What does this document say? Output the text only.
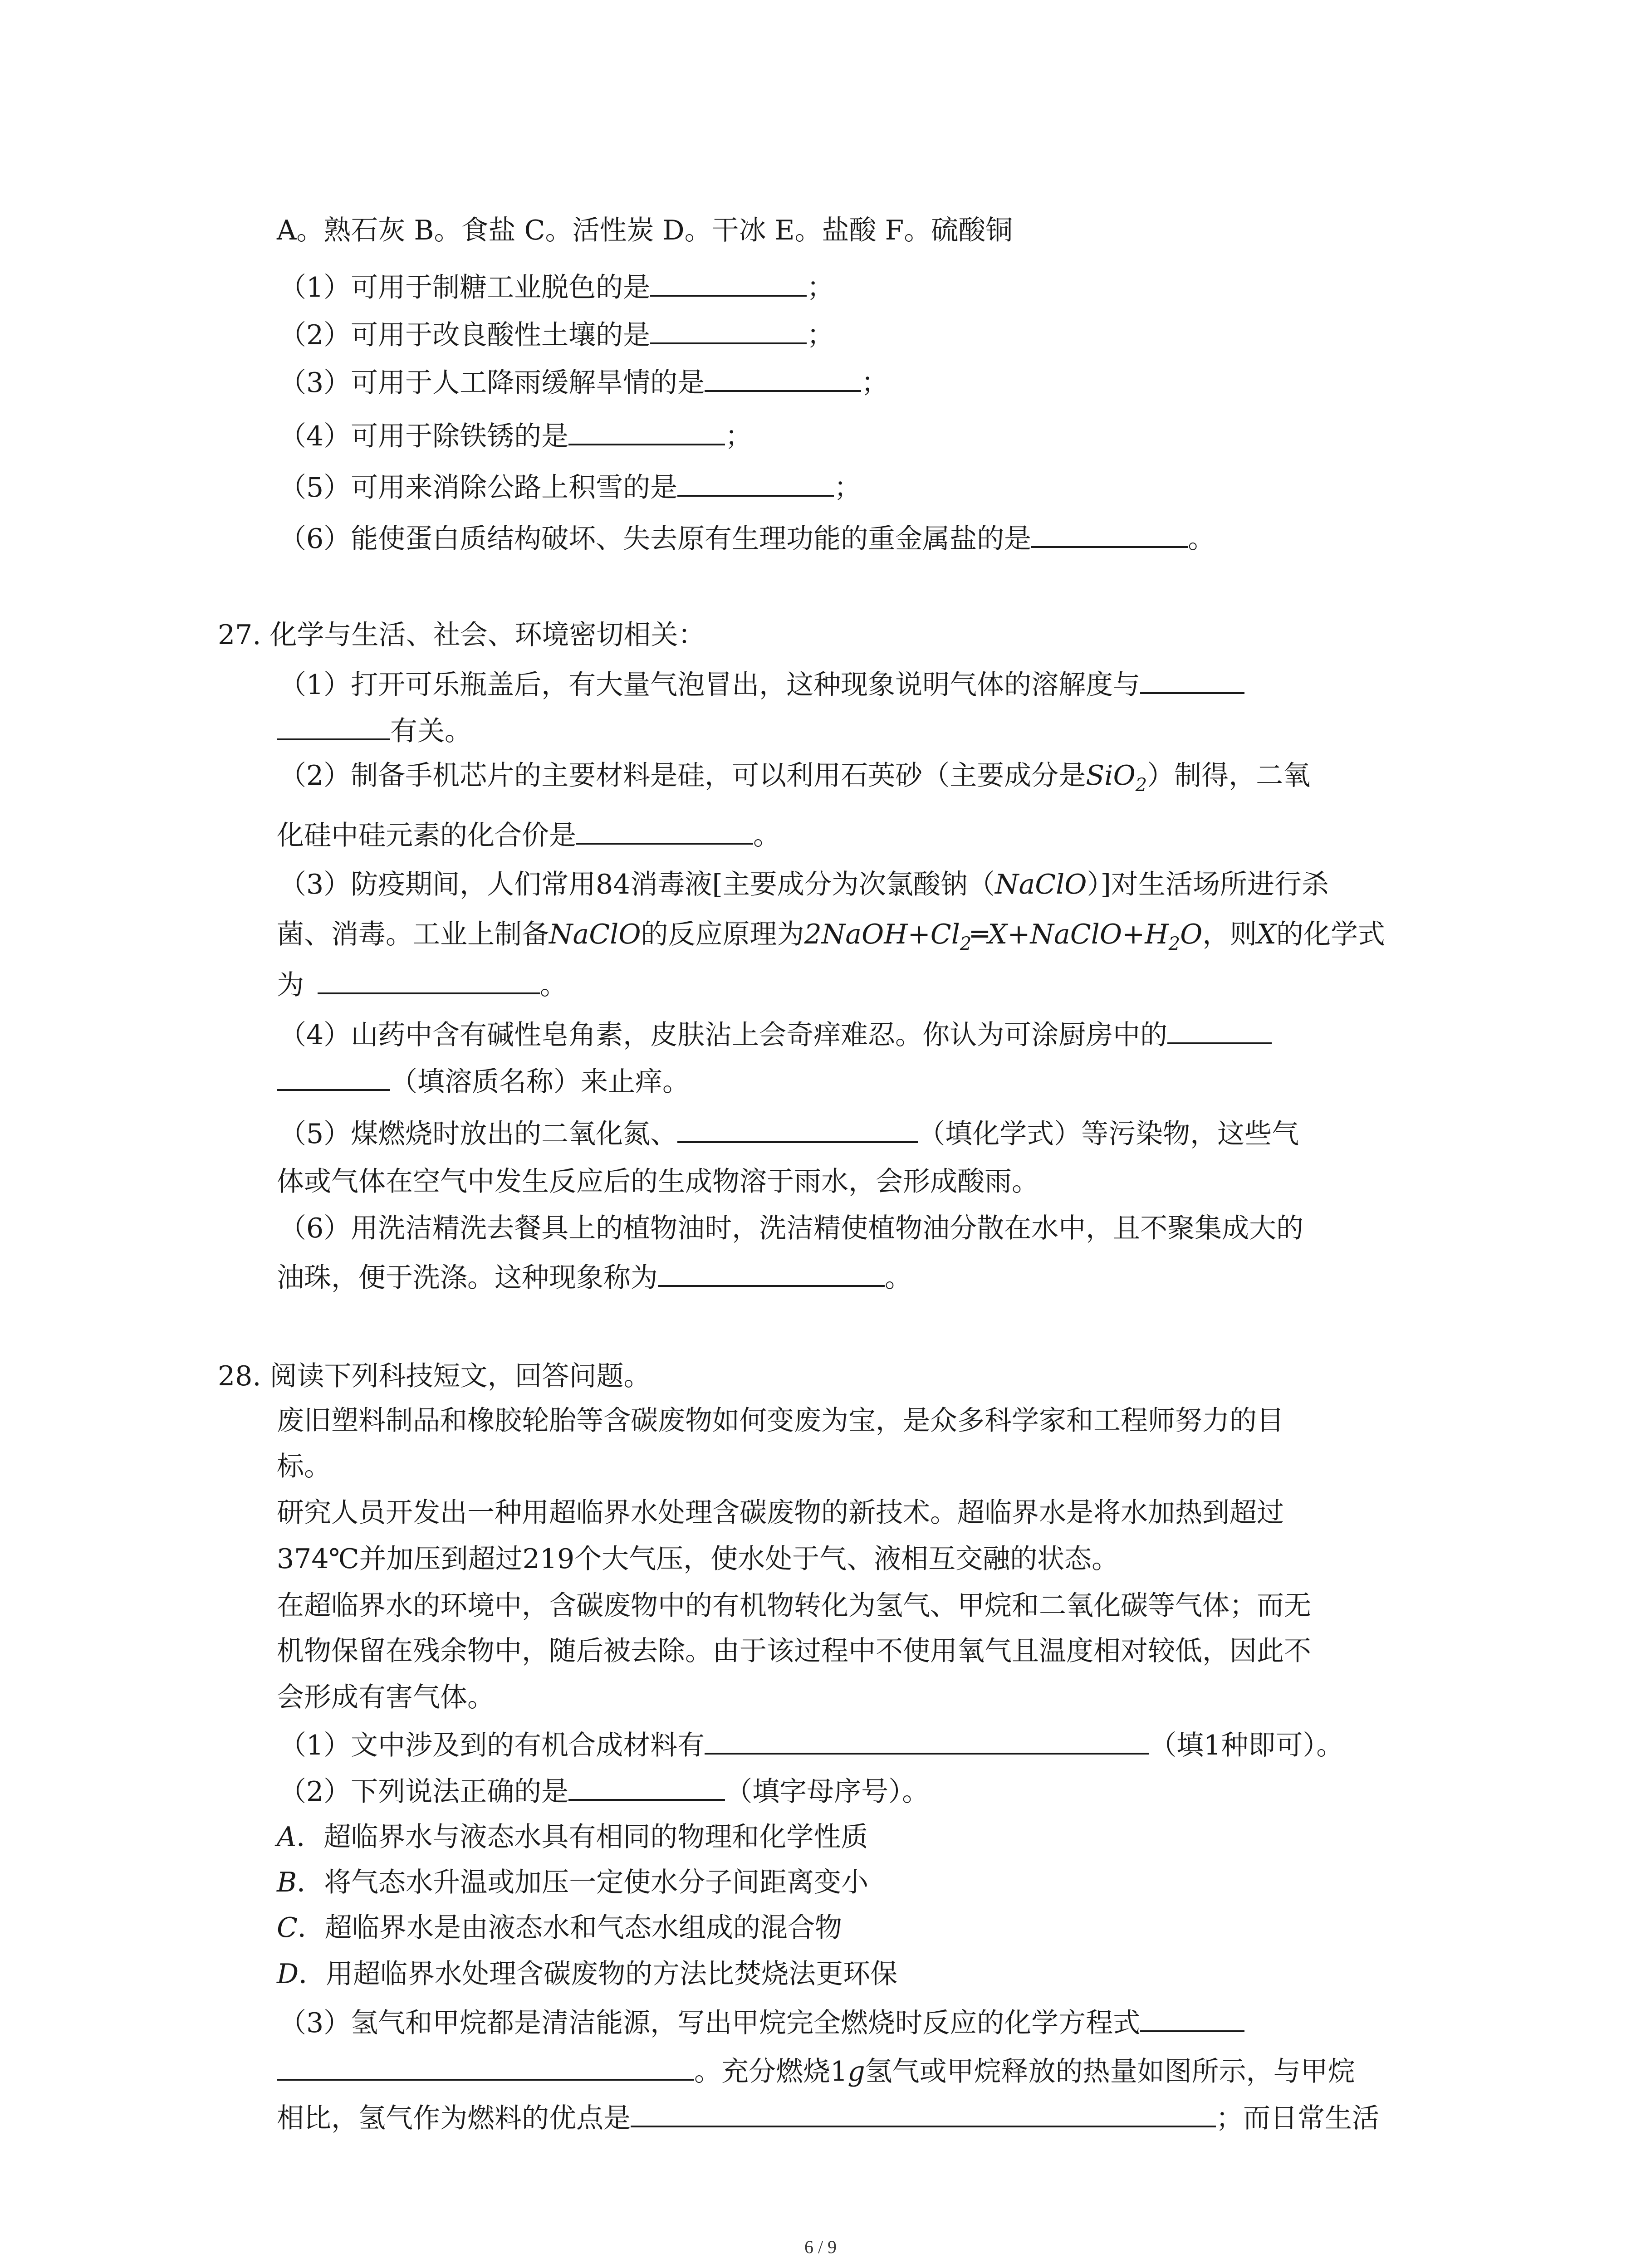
A。熟石灰 B。食盐 C。活性炭 D。干冰 E。盐酸 F。硫酸铜
（1）可用于制糖工业脱色的是	；
（2）可用于改良酸性土壤的是	；
（3）可用于人工降雨缓解旱情的是	；
（4）可用于除铁锈的是	；
（5）可用来消除公路上积雪的是	；
（6）能使蛋白质结构破坏、失去原有生理功能的重金属盐的是	。
27. 化学与生活、社会、环境密切相关：
（1）打开可乐瓶盖后，有大量气泡冒出，这种现象说明气体的溶解度与
有关。
（2）制备手机芯片的主要材料是硅，可以利用石英砂（主要成分是SiO2）制得，二氧
化硅中硅元素的化合价是	。
（3）防疫期间，人们常用84消毒液[主要成分为次氯酸钠（NaClO）]对生活场所进行杀
菌、消毒。工业上制备NaClO的反应原理为2NaOH+Cl2═X+NaClO+H2O，则X的化学式
为	。
（4）山药中含有碱性皂角素，皮肤沾上会奇痒难忍。你认为可涂厨房中的
（填溶质名称）来止痒。
（5）煤燃烧时放出的二氧化氮、	（填化学式）等污染物，这些气
体或气体在空气中发生反应后的生成物溶于雨水，会形成酸雨。
（6）用洗洁精洗去餐具上的植物油时，洗洁精使植物油分散在水中，且不聚集成大的
油珠，便于洗涤。这种现象称为	。
28. 阅读下列科技短文，回答问题。
废旧塑料制品和橡胶轮胎等含碳废物如何变废为宝，是众多科学家和工程师努力的目
标。
研究人员开发出一种用超临界水处理含碳废物的新技术。超临界水是将水加热到超过
374℃并加压到超过219个大气压，使水处于气、液相互交融的状态。
在超临界水的环境中，含碳废物中的有机物转化为氢气、甲烷和二氧化碳等气体；而无
机物保留在残余物中，随后被去除。由于该过程中不使用氧气且温度相对较低，因此不
会形成有害气体。
（1）文中涉及到的有机合成材料有	（填1种即可）。
（2）下列说法正确的是	（填字母序号）。
A．超临界水与液态水具有相同的物理和化学性质
B．将气态水升温或加压一定使水分子间距离变小
C．超临界水是由液态水和气态水组成的混合物
D．用超临界水处理含碳废物的方法比焚烧法更环保
（3）氢气和甲烷都是清洁能源，写出甲烷完全燃烧时反应的化学方程式
。充分燃烧1g氢气或甲烷释放的热量如图所示，与甲烷
相比，氢气作为燃料的优点是	；而日常生活
6 / 9
